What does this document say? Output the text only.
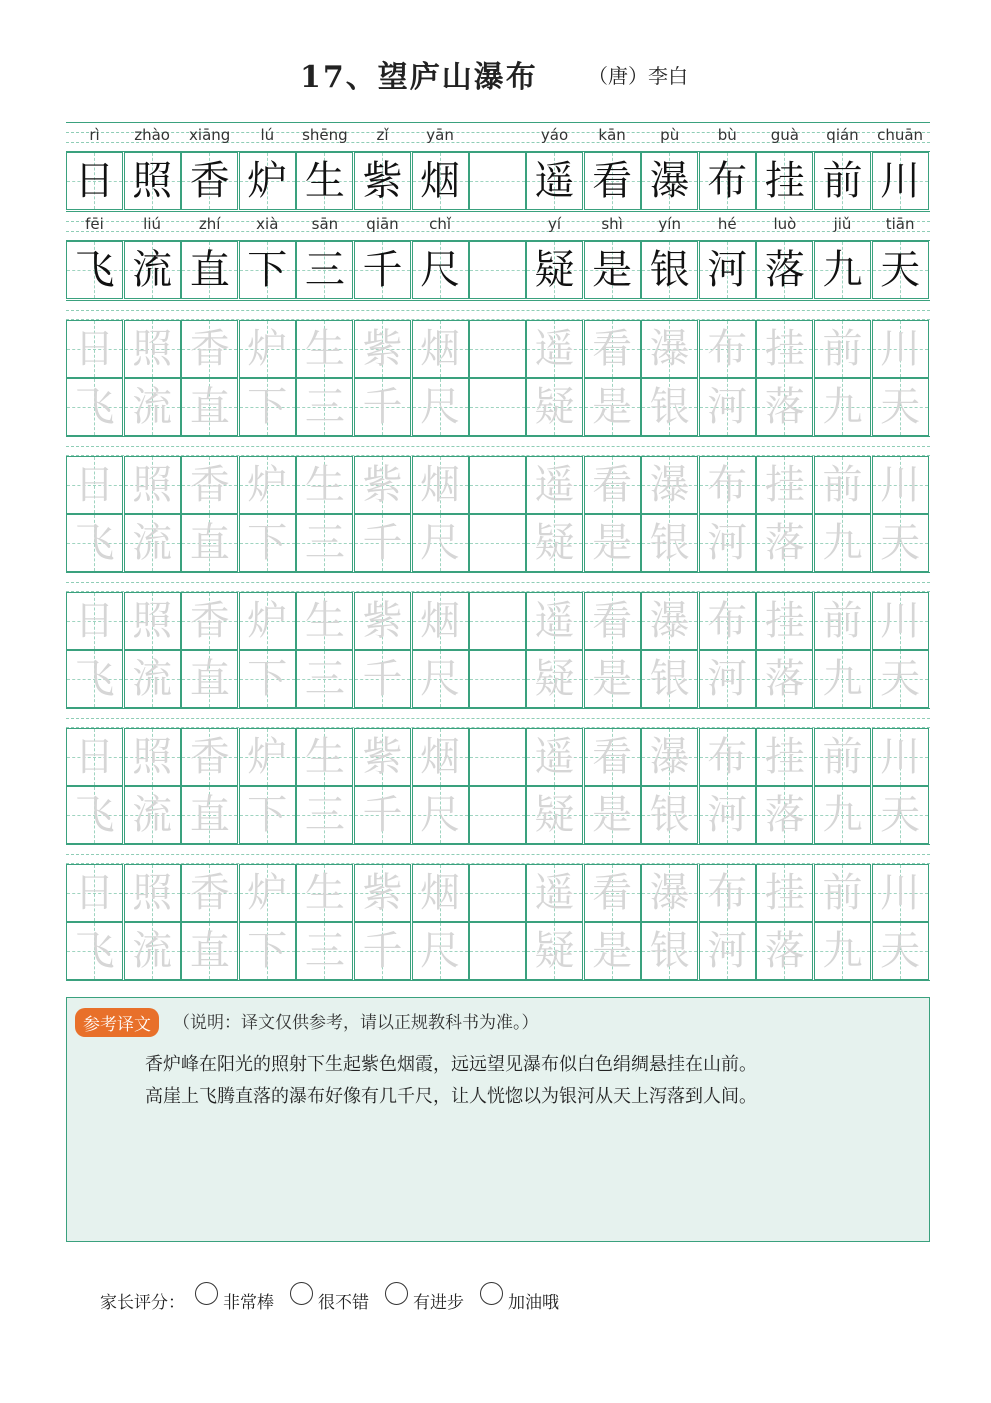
17、望庐山瀑布	（唐）李白
rì	zhào	xiāng	lú	shēng	zǐ	yān	yáo	kān	pù	bù	guà	qián	chuān
日 照 香 炉 生 紫 烟 遥 看 瀑 布 挂 前 川
fēi	liú	zhí	xià	sān	qiān	chǐ	yí	shì	yín	hé	luò	jiǔ	tiān
飞 流 直 下 三 千 尺 疑 是 银 河 落 九 天
日 照 香 炉 生 紫 烟 遥 看 瀑 布 挂 前 川
飞 流 直 下 三 千 尺 疑 是 银 河 落 九 天
日 照 香 炉 生 紫 烟 遥 看 瀑 布 挂 前 川
飞 流 直 下 三 千 尺 疑 是 银 河 落 九 天
日 照 香 炉 生 紫 烟 遥 看 瀑 布 挂 前 川
飞 流 直 下 三 千 尺 疑 是 银 河 落 九 天
日 照 香 炉 生 紫 烟 遥 看 瀑 布 挂 前 川
飞 流 直 下 三 千 尺 疑 是 银 河 落 九 天
日 照 香 炉 生 紫 烟 遥 看 瀑 布 挂 前 川
飞 流 直 下 三 千 尺 疑 是 银 河 落 九 天
参考译文	（说明：译文仅供参考，请以正规教科书为准。）
香炉峰在阳光的照射下生起紫色烟霞，远远望见瀑布似白色绢绸悬挂在山前。
高崖上飞腾直落的瀑布好像有几千尺，让人恍惚以为银河从天上泻落到人间。
家长评分： 非常棒	很不错	有进步	加油哦
